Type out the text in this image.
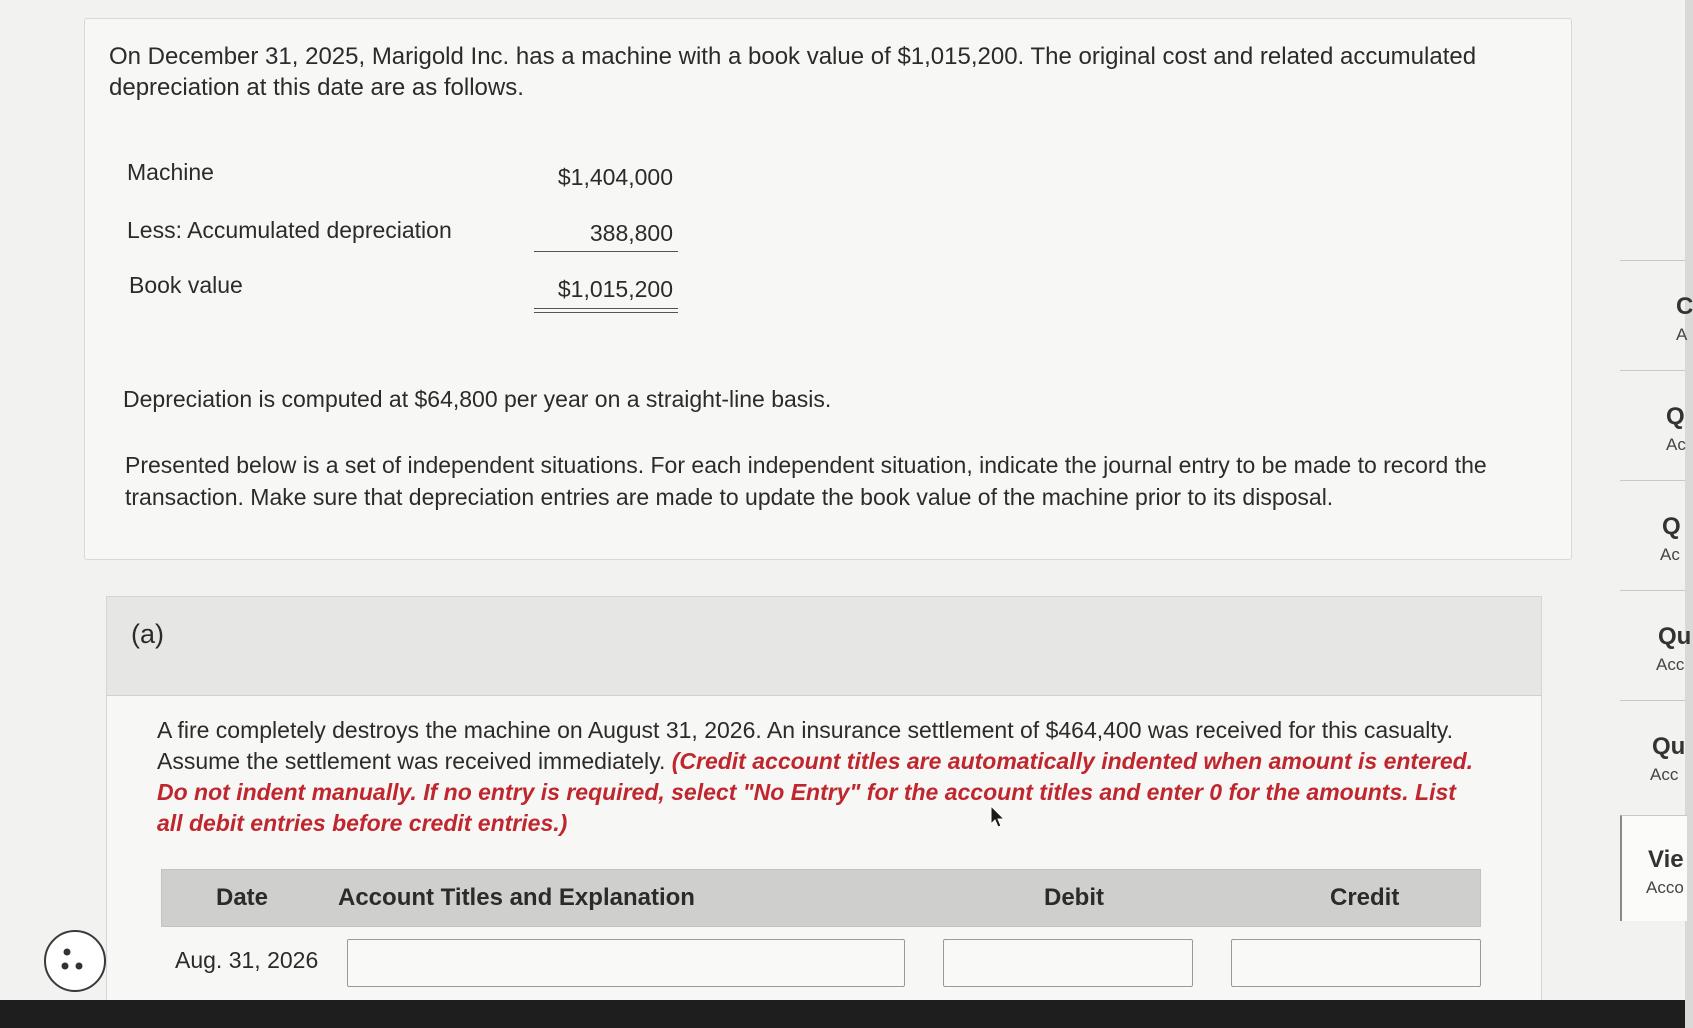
On December 31, 2025, Marigold Inc. has a machine with a book value of $1,015,200. The original cost and related accumulated depreciation at this date are as follows.
Machine	$1,404,000
Less: Accumulated depreciation	388,800
Book value	$1,015,200
Depreciation is computed at $64,800 per year on a straight-line basis.
Presented below is a set of independent situations. For each independent situation, indicate the journal entry to be made to record the transaction. Make sure that depreciation entries are made to update the book value of the machine prior to its disposal.
(a)
A fire completely destroys the machine on August 31, 2026. An insurance settlement of $464,400 was received for this casualty. Assume the settlement was received immediately. (Credit account titles are automatically indented when amount is entered. Do not indent manually. If no entry is required, select "No Entry" for the account titles and enter 0 for the amounts. List all debit entries before credit entries.)
Date	Account Titles and Explanation	Debit	Credit
Aug. 31, 2026
C
A
Q
Ac
Q
Ac
Qu
Acc
Qu
Acc
Vie
Acco
